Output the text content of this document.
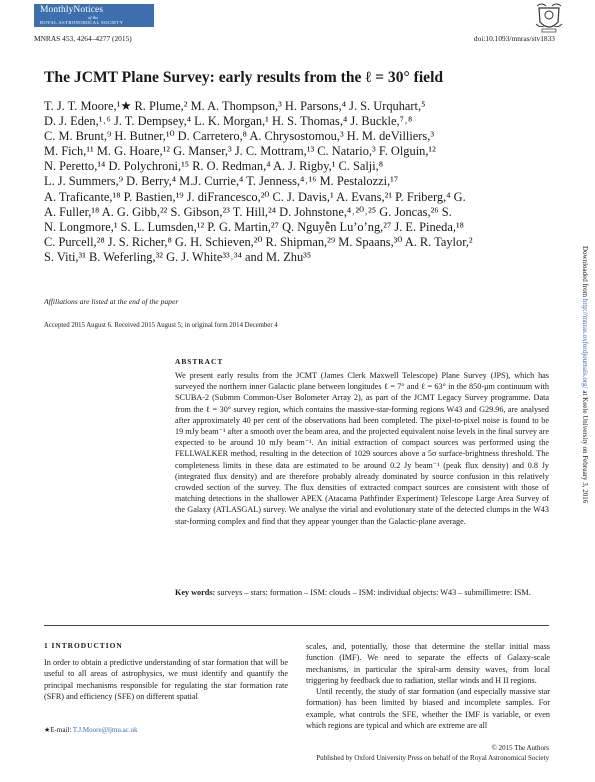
MonthlyNotices
of the
ROYAL ASTRONOMICAL SOCIETY
MNRAS 453, 4264–4277 (2015)	doi:10.1093/mnras/stv1833
The JCMT Plane Survey: early results from the ℓ = 30° field
T. J. T. Moore,¹★ R. Plume,² M. A. Thompson,³ H. Parsons,⁴ J. S. Urquhart,⁵
D. J. Eden,¹˒⁶ J. T. Dempsey,⁴ L. K. Morgan,¹ H. S. Thomas,⁴ J. Buckle,⁷˒⁸
C. M. Brunt,⁹ H. Butner,¹⁰ D. Carretero,⁸ A. Chrysostomou,³ H. M. deVilliers,³
M. Fich,¹¹ M. G. Hoare,¹² G. Manser,³ J. C. Mottram,¹³ C. Natario,³ F. Olguin,¹²
N. Peretto,¹⁴ D. Polychroni,¹⁵ R. O. Redman,⁴ A. J. Rigby,¹ C. Salji,⁸
L. J. Summers,⁹ D. Berry,⁴ M.J. Currie,⁴ T. Jenness,⁴˒¹⁶ M. Pestalozzi,¹⁷
A. Traficante,¹⁸ P. Bastien,¹⁹ J. diFrancesco,²⁰ C. J. Davis,¹ A. Evans,²¹ P. Friberg,⁴ G.
A. Fuller,¹⁸ A. G. Gibb,²² S. Gibson,²³ T. Hill,²⁴ D. Johnstone,⁴˒²⁰˒²⁵ G. Joncas,²⁶ S.
N. Longmore,¹ S. L. Lumsden,¹² P. G. Martin,²⁷ Q. Nguyễn Lu’o’ng,²⁷ J. E. Pineda,¹⁸
C. Purcell,²⁸ J. S. Richer,⁸ G. H. Schieven,²⁰ R. Shipman,²⁹ M. Spaans,³⁰ A. R. Taylor,²
S. Viti,³¹ B. Weferling,³² G. J. White³³˒³⁴ and M. Zhu³⁵
Affiliations are listed at the end of the paper
Accepted 2015 August 6. Received 2015 August 5; in original form 2014 December 4
ABSTRACT
We present early results from the JCMT (James Clerk Maxwell Telescope) Plane Survey (JPS), which has surveyed the northern inner Galactic plane between longitudes ℓ = 7° and ℓ = 63° in the 850-μm continuum with SCUBA-2 (Submm Common-User Bolometer Array 2), as part of the JCMT Legacy Survey programme. Data from the ℓ = 30° survey region, which contains the massive-star-forming regions W43 and G29.96, are analysed after approximately 40 per cent of the observations had been completed. The pixel-to-pixel noise is found to be 19 mJy beam⁻¹ after a smooth over the beam area, and the projected equivalent noise levels in the final survey are expected to be around 10 mJy beam⁻¹. An initial extraction of compact sources was performed using the FELLWALKER method, resulting in the detection of 1029 sources above a 5σ surface-brightness threshold. The completeness limits in these data are estimated to be around 0.2 Jy beam⁻¹ (peak flux density) and 0.8 Jy (integrated flux density) and are therefore probably already dominated by source confusion in this relatively crowded section of the survey. The flux densities of extracted compact sources are consistent with those of matching detections in the shallower APEX (Atacama Pathfinder Experiment) Telescope Large Area Survey of the Galaxy (ATLASGAL) survey. We analyse the virial and evolutionary state of the detected clumps in the W43 star-forming complex and find that they appear younger than the Galactic-plane average.
Key words: surveys – stars: formation – ISM: clouds – ISM: individual objects: W43 – submillimetre: ISM.
1 INTRODUCTION
In order to obtain a predictive understanding of star formation that will be useful to all areas of astrophysics, we must identify and quantify the principal mechanisms responsible for regulating the star formation rate (SFR) and efficiency (SFE) on different spatial

scales, and, potentially, those that determine the stellar initial mass function (IMF). We need to separate the effects of Galaxy-scale mechanisms, in particular the spiral-arm density waves, from local triggering by feedback due to radiation, stellar winds and H II regions.

Until recently, the study of star formation (and especially massive star formation) has been limited by biased and incomplete samples. For example, what controls the SFE, whether the IMF is variable, or even which regions are typical and which are extreme are all

★E-mail: T.J.Moore@ljmu.ac.uk
© 2015 The Authors
Published by Oxford University Press on behalf of the Royal Astronomical Society
Downloaded from http://mnras.oxfordjournals.org/ at Keele University on February 3, 2016
